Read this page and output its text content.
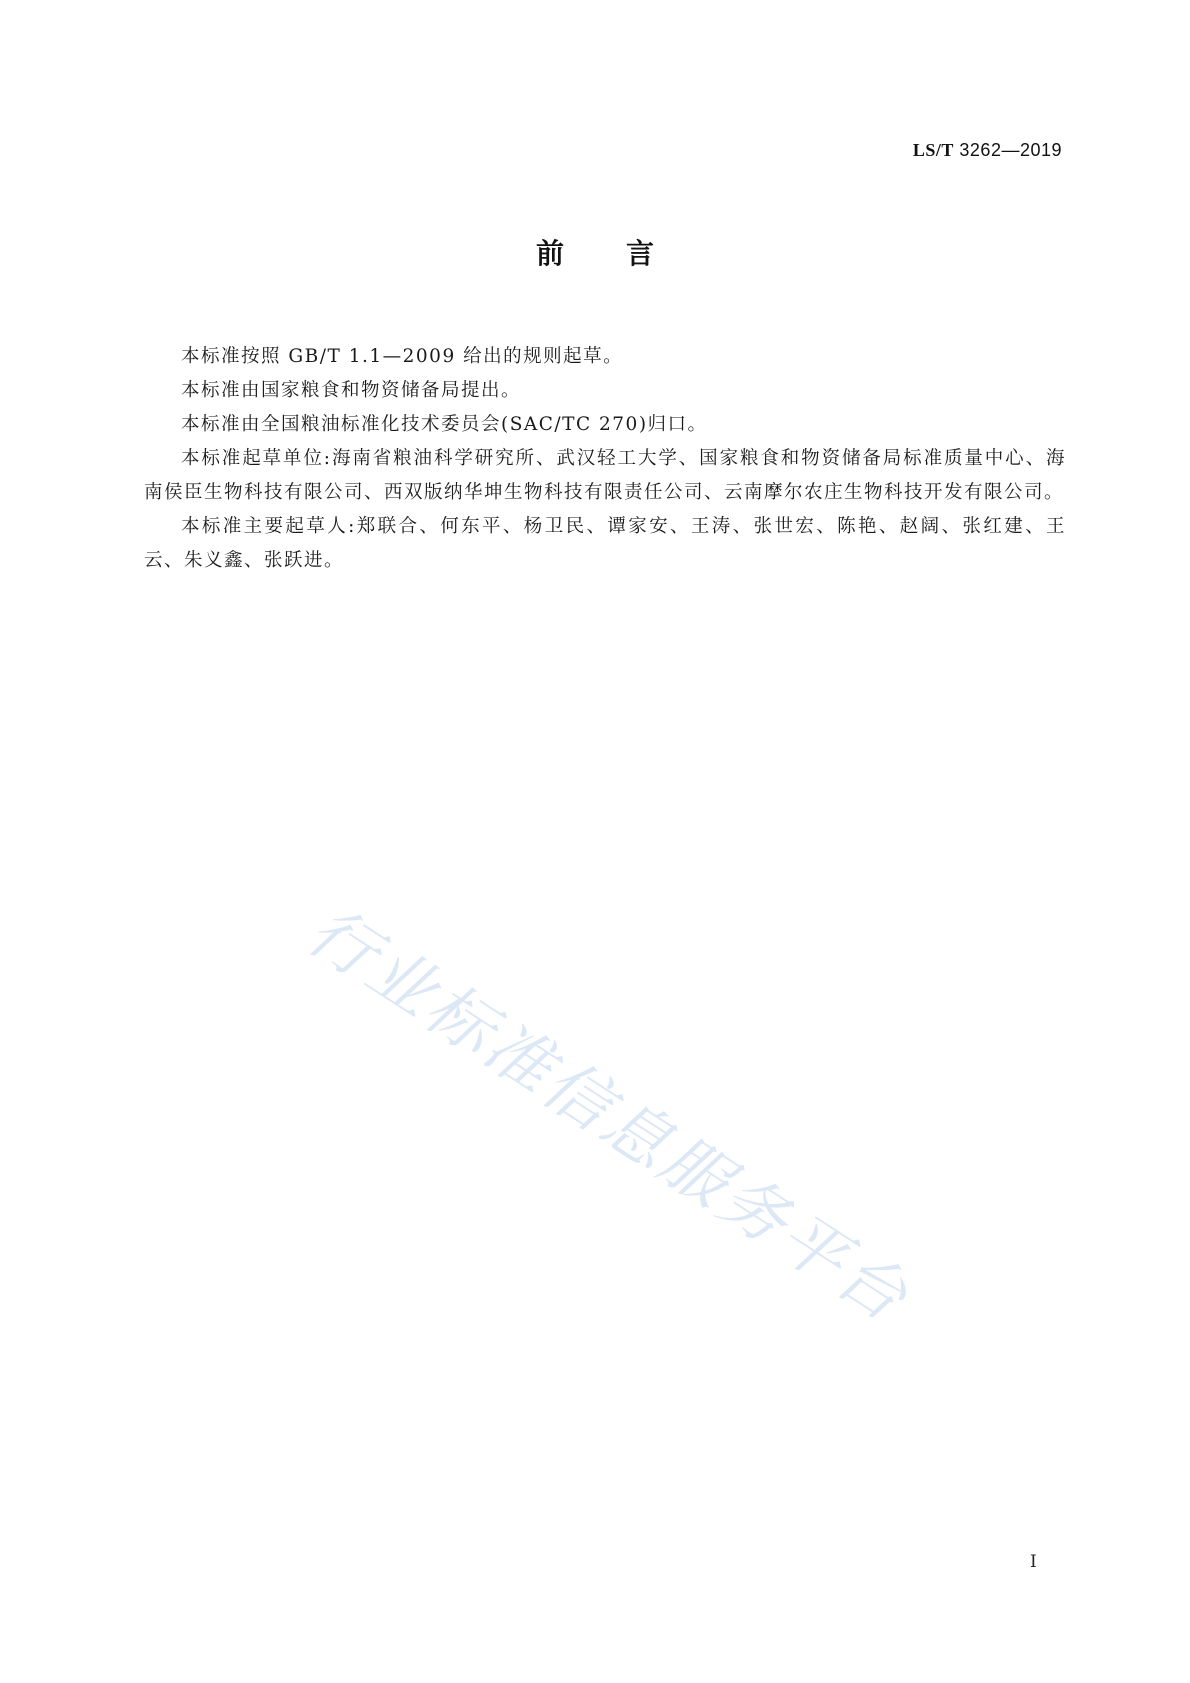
LS/T 3262—2019
前言

本标准按照 GB/T 1.1—2009 给出的规则起草。

本标准由国家粮食和物资储备局提出。

本标准由全国粮油标准化技术委员会(SAC/TC 270)归口。

本标准起草单位:海南省粮油科学研究所、武汉轻工大学、国家粮食和物资储备局标准质量中心、海南侯臣生物科技有限公司、西双版纳华坤生物科技有限责任公司、云南摩尔农庄生物科技开发有限公司。

本标准主要起草人:郑联合、何东平、杨卫民、谭家安、王涛、张世宏、陈艳、赵阔、张红建、王云、朱义鑫、张跃进。

行业标准信息服务平台
I
